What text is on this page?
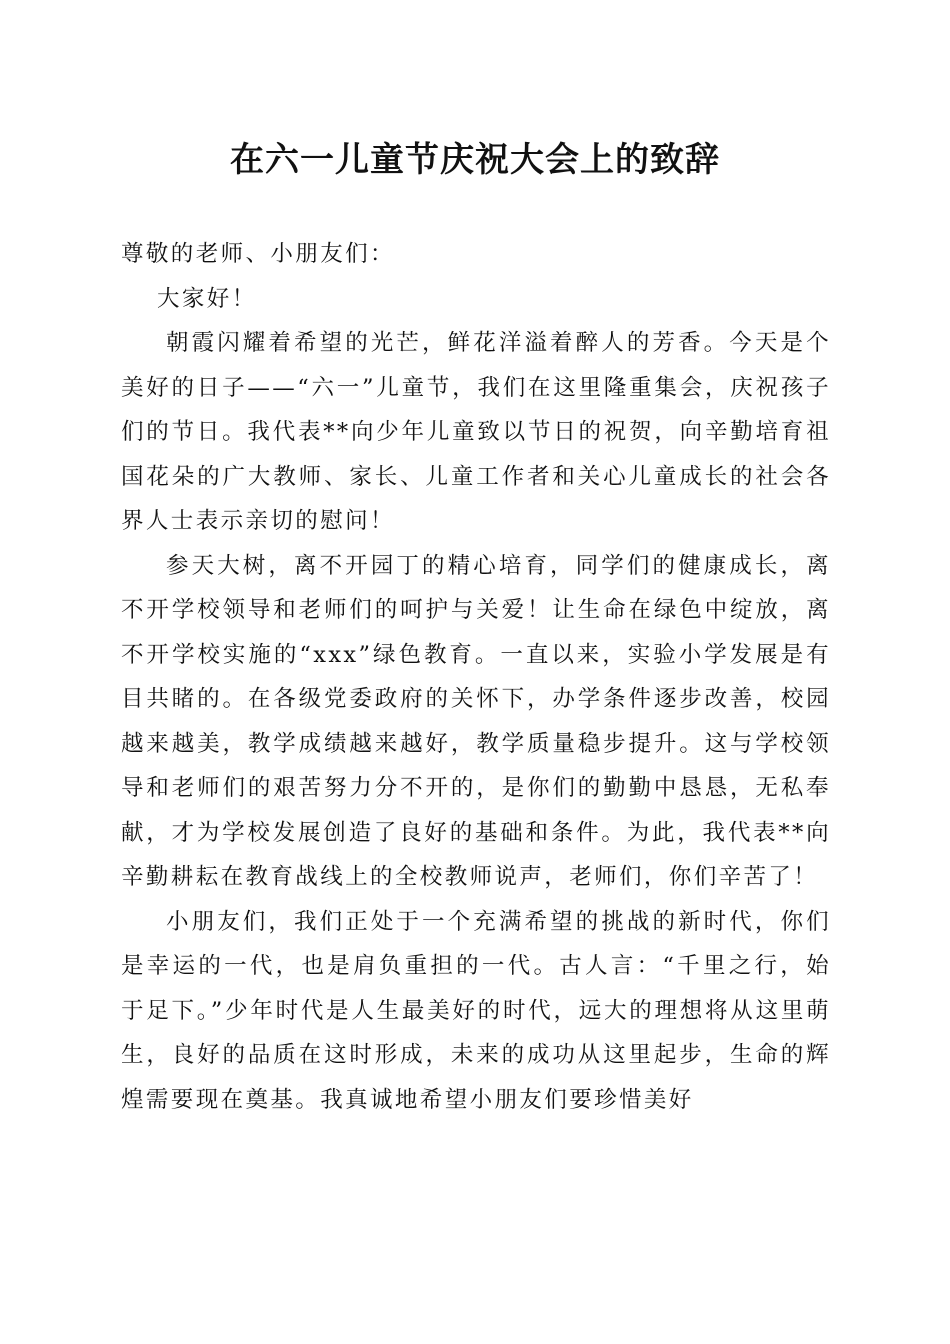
在六一儿童节庆祝大会上的致辞

尊敬的老师、小朋友们：

大家好！

朝霞闪耀着希望的光芒，鲜花洋溢着醉人的芳香。今天是个美好的日子——“六一”儿童节，我们在这里隆重集会，庆祝孩子们的节日。我代表**向少年儿童致以节日的祝贺，向辛勤培育祖国花朵的广大教师、家长、儿童工作者和关心儿童成长的社会各界人士表示亲切的慰问！

参天大树，离不开园丁的精心培育，同学们的健康成长，离不开学校领导和老师们的呵护与关爱！让生命在绿色中绽放，离不开学校实施的“xxx”绿色教育。一直以来，实验小学发展是有目共睹的。在各级党委政府的关怀下，办学条件逐步改善，校园越来越美，教学成绩越来越好，教学质量稳步提升。这与学校领导和老师们的艰苦努力分不开的，是你们的勤勤中恳恳，无私奉献，才为学校发展创造了良好的基础和条件。为此，我代表**向辛勤耕耘在教育战线上的全校教师说声，老师们，你们辛苦了！

小朋友们，我们正处于一个充满希望的挑战的新时代，你们是幸运的一代，也是肩负重担的一代。古人言：“千里之行，始于足下。”少年时代是人生最美好的时代，远大的理想将从这里萌生，良好的品质在这时形成，未来的成功从这里起步，生命的辉煌需要现在奠基。我真诚地希望小朋友们要珍惜美好
